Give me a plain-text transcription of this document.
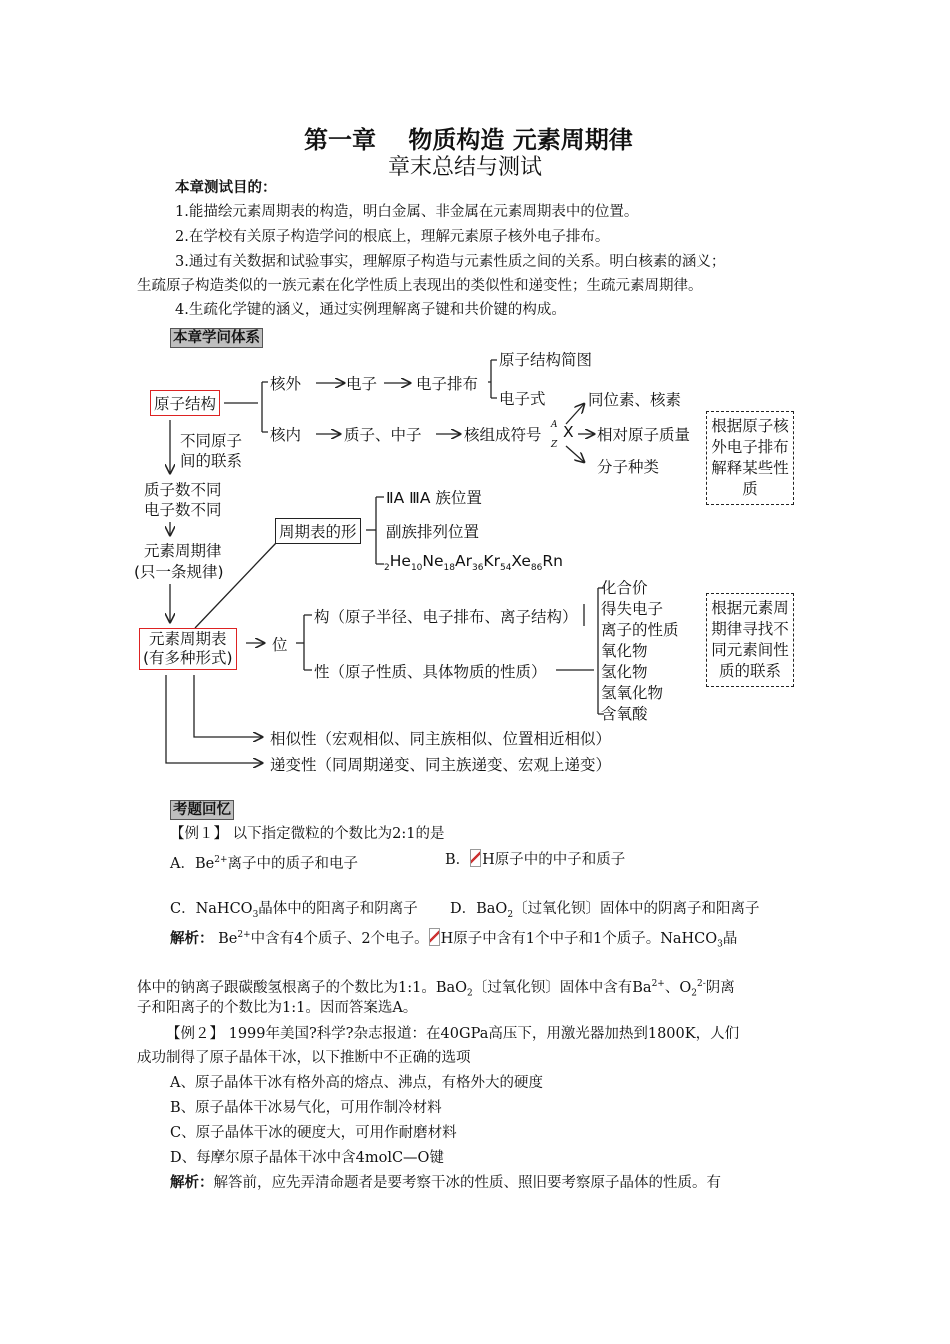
第一章　 物质构造 元素周期律
章末总结与测试
本章测试目的：
1.能描绘元素周期表的构造，明白金属、非金属在元素周期表中的位置。
2.在学校有关原子构造学问的根底上，理解元素原子核外电子排布。
3.通过有关数据和试验事实，理解原子构造与元素性质之间的关系。明白核素的涵义；
生疏原子构造类似的一族元素在化学性质上表现出的类似性和递变性；生疏元素周期律。
4.生疏化学键的涵义，通过实例理解离子键和共价键的构成。
本章学问体系
原子结构
核外	电子	电子排布
原子结构简图
电子式
核内	质子、中子	核组成符号
A

Z
X 相对原子质量
同位素、核素
分子种类
根据原子核外电子排布解释某些性质
不同原子
间的联系
质子数不同
电子数不同
元素周期律
(只一条规律)
周期表的形
ⅡA ⅢA 族位置
副族排列位置
$_2He_{10}Ne_{18}Ar_{36}Kr_{54}Xe_{86}Rn$
元素周期表
(有多种形式)
位
构（原子半径、电子排布、离子结构）
性（原子性质、具体物质的性质）
化合价
得失电子
离子的性质
氧化物
氢化物
氢氧化物
含氧酸
根据元素周期律寻找不同元素间性质的联系
相似性（宏观相似、同主族相似、位置相近相似）
递变性（同周期递变、同主族递变、宏观上递变）
考题回忆
【例１】 以下指定微粒的个数比为2:1的是
A．$Be^{2+}$离子中的质子和电子	B． H原子中的中子和质子
C．NaHCO$_3$晶体中的阳离子和阴离子 D．BaO$_2$〔过氧化钡〕固体中的阴离子和阳离子
解析： $Be^{2+}$中含有4个质子、2个电子。 H原子中含有1个中子和1个质子。NaHCO$_3$晶
体中的钠离子跟碳酸氢根离子的个数比为1:1。BaO$_2$〔过氧化钡〕固体中含有$Ba^{2+}$、$O_2^{2-}$阴离
子和阳离子的个数比为1:1。因而答案选A。
【例２】 1999年美国?科学?杂志报道：在40GPa高压下，用激光器加热到1800K，人们
成功制得了原子晶体干冰，以下推断中不正确的选项
A、原子晶体干冰有格外高的熔点、沸点，有格外大的硬度
B、原子晶体干冰易气化，可用作制冷材料
C、原子晶体干冰的硬度大，可用作耐磨材料
D、每摩尔原子晶体干冰中含4molC—O键
解析：解答前，应先弄清命题者是要考察干冰的性质、照旧要考察原子晶体的性质。有
